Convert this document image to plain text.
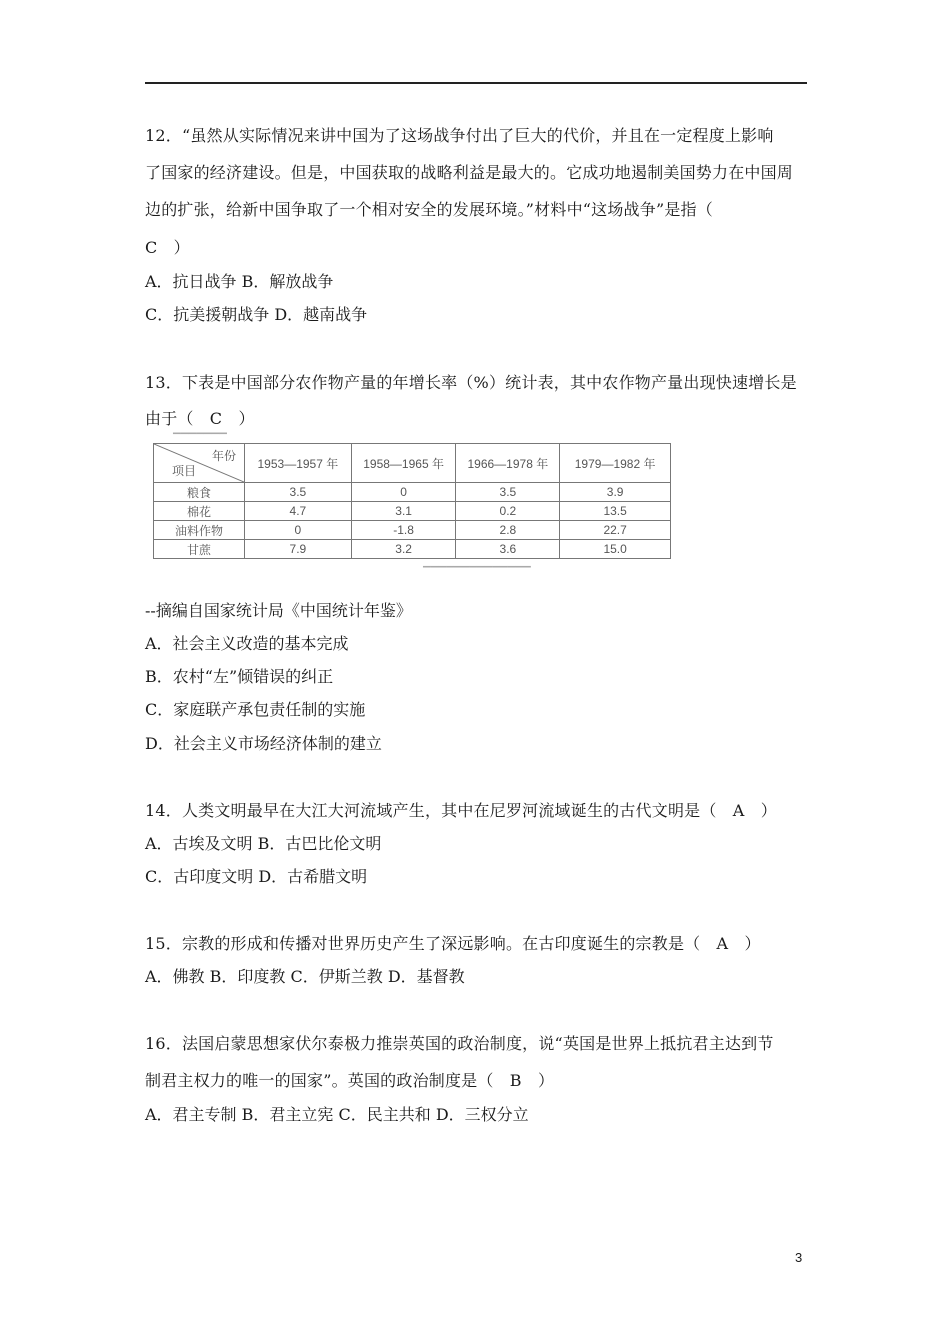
12．“虽然从实际情况来讲中国为了这场战争付出了巨大的代价，并且在一定程度上影响
了国家的经济建设。但是，中国获取的战略利益是最大的。它成功地遏制美国势力在中国周
边的扩张，给新中国争取了一个相对安全的发展环境。”材料中“这场战争”是指（
C　）
A．抗日战争 B．解放战争
C．抗美援朝战争 D．越南战争
13．下表是中国部分农作物产量的年增长率（%）统计表，其中农作物产量出现快速增长是
由于（　C　）
--摘编自国家统计局《中国统计年鉴》
A．社会主义改造的基本完成
B．农村“左”倾错误的纠正
C．家庭联产承包责任制的实施
D．社会主义市场经济体制的建立
14．人类文明最早在大江大河流域产生，其中在尼罗河流域诞生的古代文明是（　A　）
A．古埃及文明 B．古巴比伦文明
C．古印度文明 D．古希腊文明
15．宗教的形成和传播对世界历史产生了深远影响。在古印度诞生的宗教是（　A　）
A．佛教 B．印度教 C．伊斯兰教 D．基督教
16．法国启蒙思想家伏尔泰极力推崇英国的政治制度，说“英国是世界上抵抗君主达到节
制君主权力的唯一的国家”。英国的政治制度是（　B　）
A．君主专制 B．君主立宪 C．民主共和 D．三权分立
▔▔▔▔▔▔▔
年份
项目	1953—1957 年	1958—1965 年	1966—1978 年	1979—1982 年
粮食	3.5	0	3.5	3.9
棉花	4.7	3.1	0.2	13.5
油料作物	0	-1.8	2.8	22.7
甘蔗	7.9	3.2	3.6	15.0
▁▁▁▁▁▁▁▁▁▁▁▁▁▁
3
